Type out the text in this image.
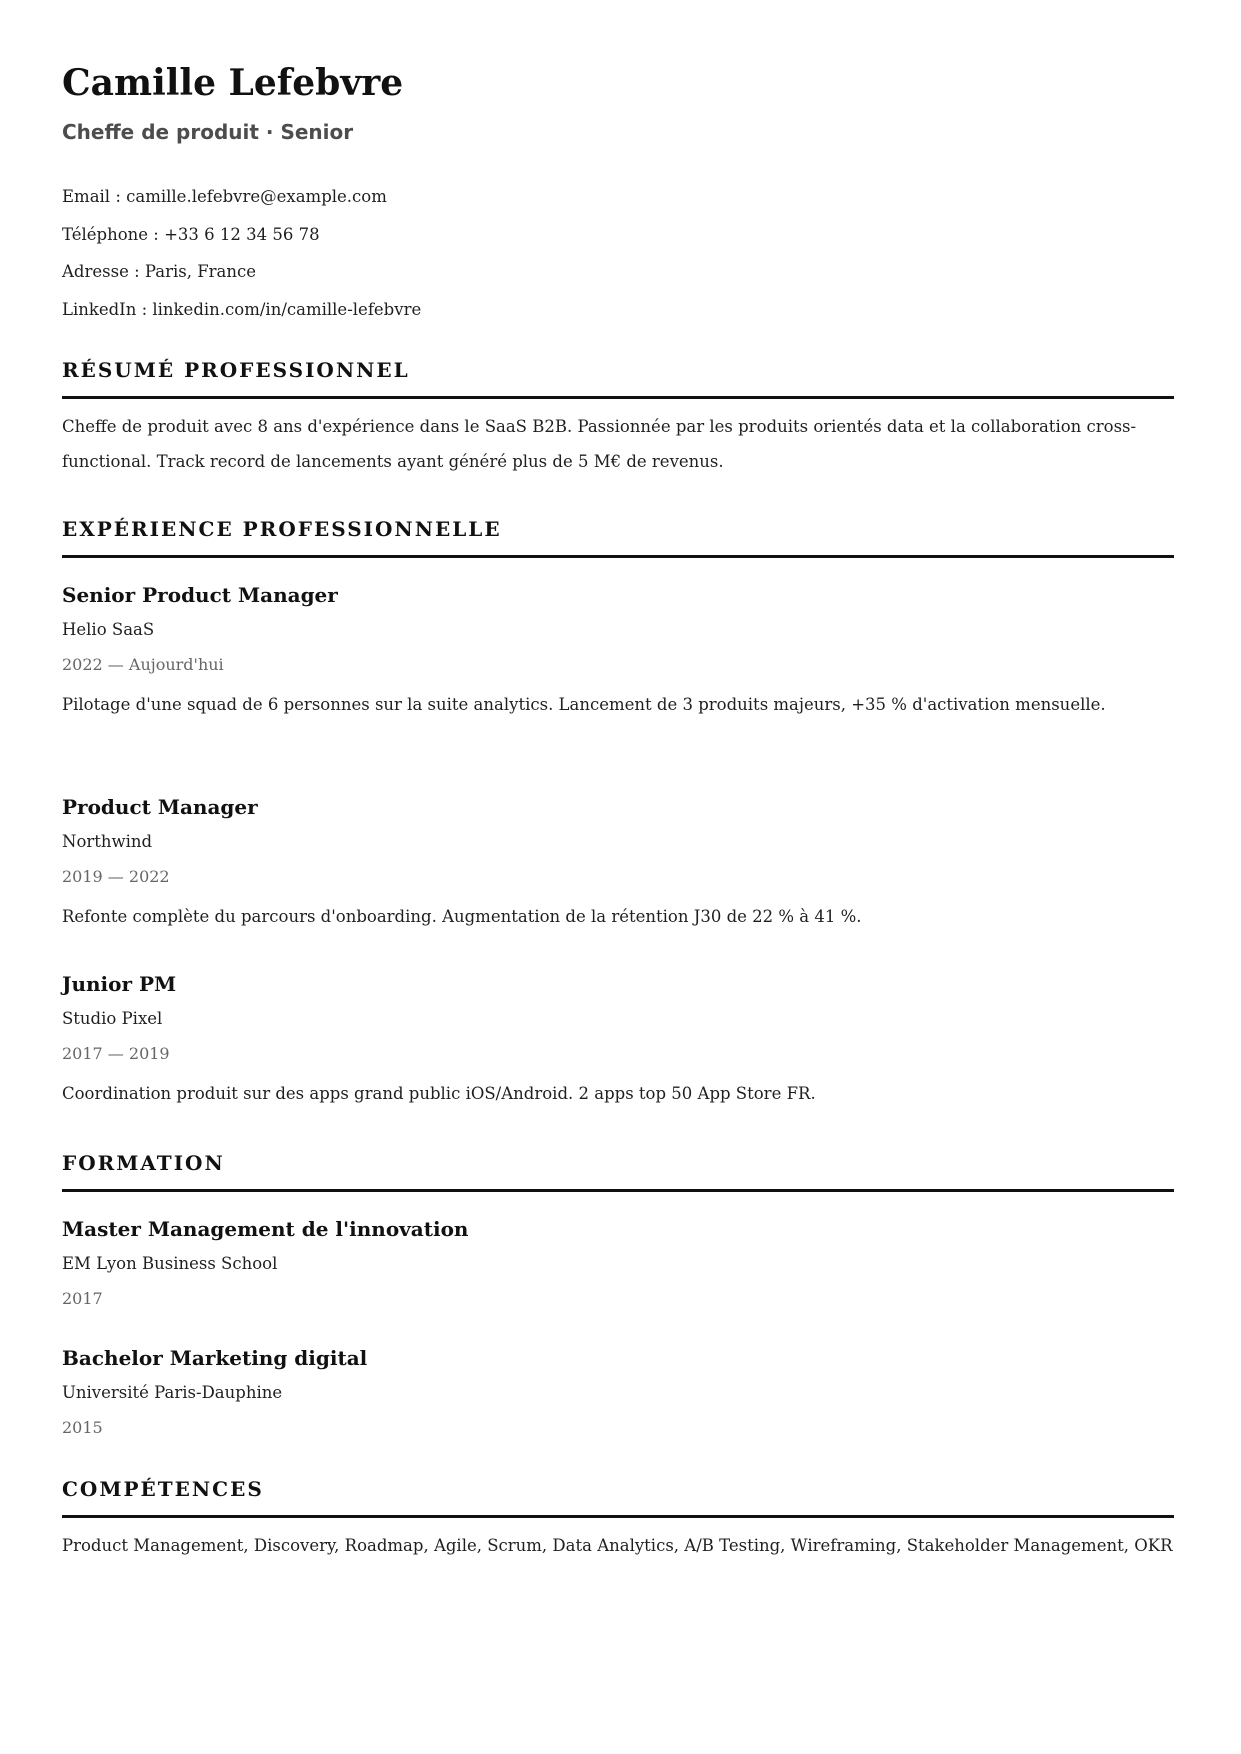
Camille Lefebvre
Cheffe de produit · Senior
Email : camille.lefebvre@example.com
Téléphone : +33 6 12 34 56 78
Adresse : Paris, France
LinkedIn : linkedin.com/in/camille-lefebvre
RÉSUMÉ PROFESSIONNEL

Cheffe de produit avec 8 ans d'expérience dans le SaaS B2B. Passionnée par les produits orientés data et la collaboration cross-functional. Track record de lancements ayant généré plus de 5 M€ de revenus.

EXPÉRIENCE PROFESSIONNELLE
Senior Product Manager
Helio SaaS
2022 — Aujourd'hui
Pilotage d'une squad de 6 personnes sur la suite analytics. Lancement de 3 produits majeurs, +35 % d'activation mensuelle.
Product Manager
Northwind
2019 — 2022
Refonte complète du parcours d'onboarding. Augmentation de la rétention J30 de 22 % à 41 %.
Junior PM
Studio Pixel
2017 — 2019
Coordination produit sur des apps grand public iOS/Android. 2 apps top 50 App Store FR.
FORMATION
Master Management de l'innovation
EM Lyon Business School
2017
Bachelor Marketing digital
Université Paris-Dauphine
2015
COMPÉTENCES

Product Management, Discovery, Roadmap, Agile, Scrum, Data Analytics, A/B Testing, Wireframing, Stakeholder Management, OKR
